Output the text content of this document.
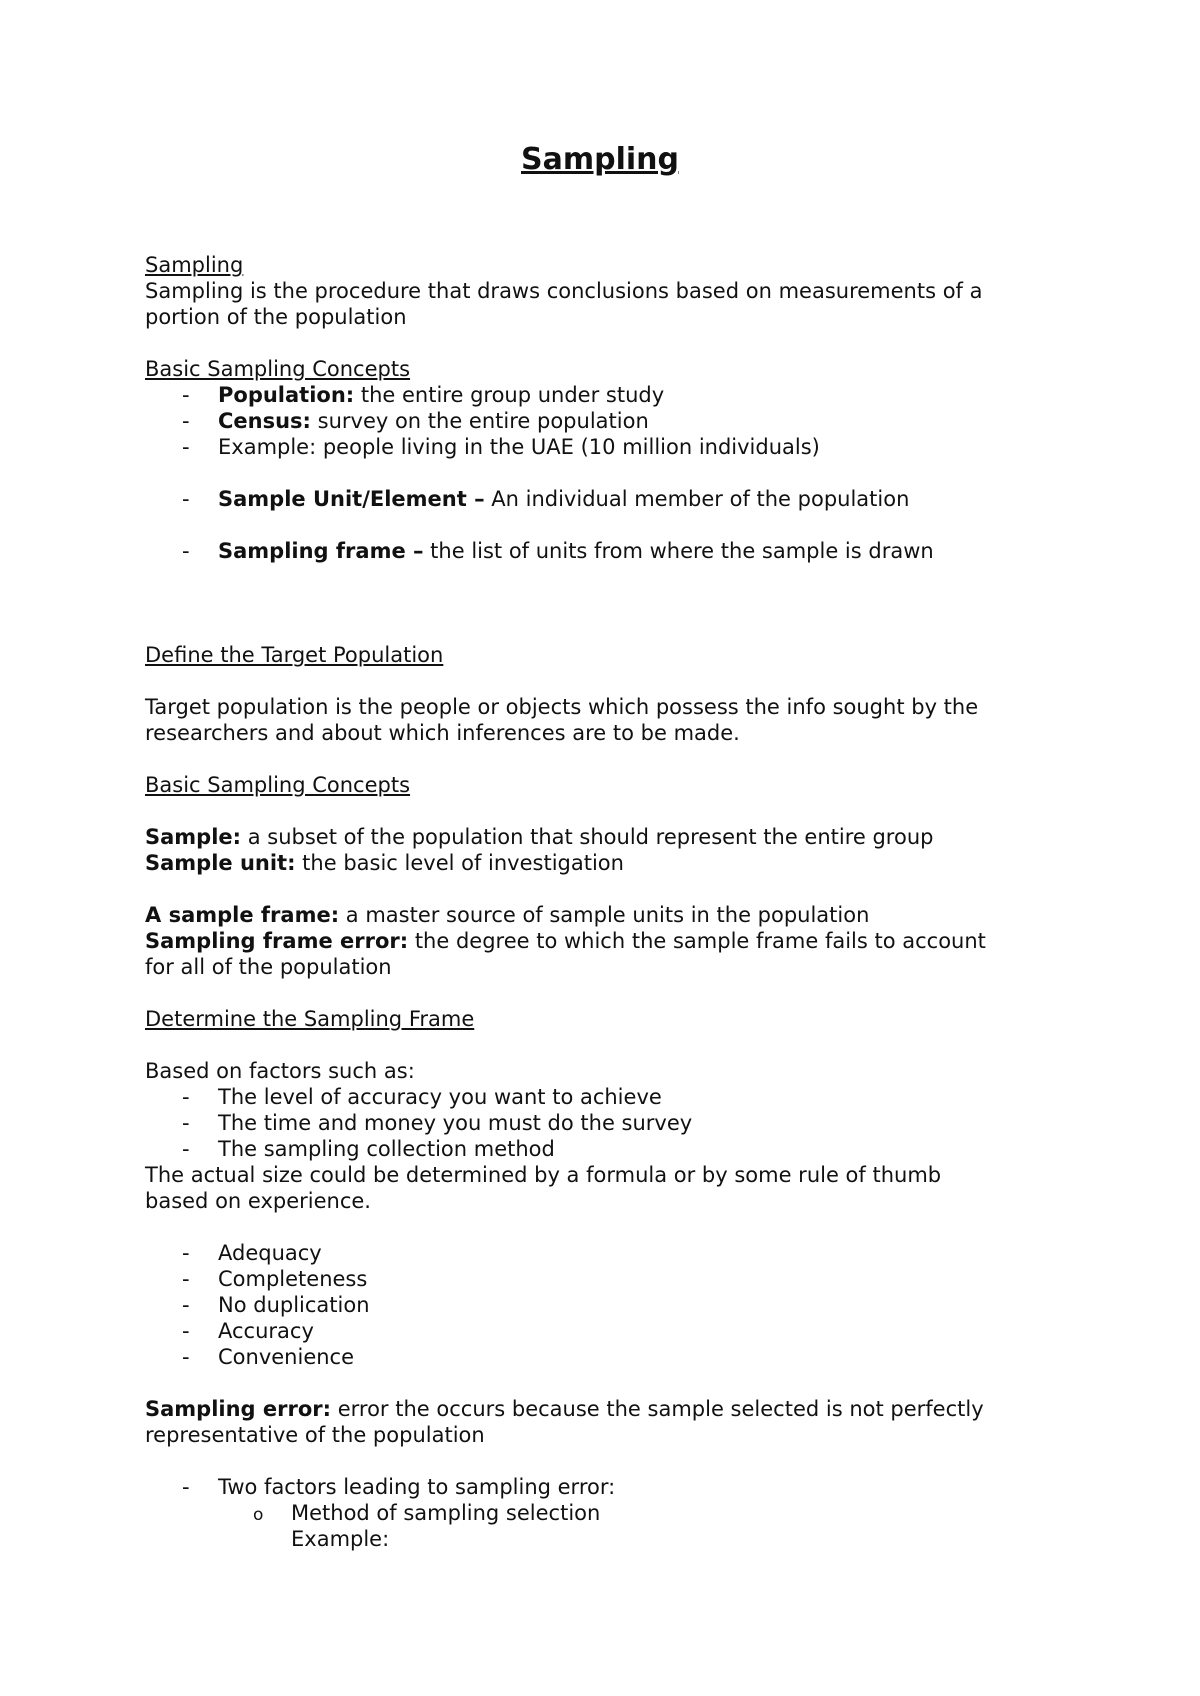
Sampling
Sampling
Sampling is the procedure that draws conclusions based on measurements of a
portion of the population
Basic Sampling Concepts
- Population: the entire group under study
- Census: survey on the entire population
- Example: people living in the UAE (10 million individuals)
- Sample Unit/Element – An individual member of the population
- Sampling frame – the list of units from where the sample is drawn
Define the Target Population
Target population is the people or objects which possess the info sought by the
researchers and about which inferences are to be made.
Basic Sampling Concepts
Sample: a subset of the population that should represent the entire group
Sample unit: the basic level of investigation
A sample frame: a master source of sample units in the population
Sampling frame error: the degree to which the sample frame fails to account
for all of the population
Determine the Sampling Frame
Based on factors such as:
- The level of accuracy you want to achieve
- The time and money you must do the survey
- The sampling collection method
The actual size could be determined by a formula or by some rule of thumb
based on experience.
- Adequacy
- Completeness
- No duplication
- Accuracy
- Convenience
Sampling error: error the occurs because the sample selected is not perfectly
representative of the population
- Two factors leading to sampling error:
o Method of sampling selection
Example:
